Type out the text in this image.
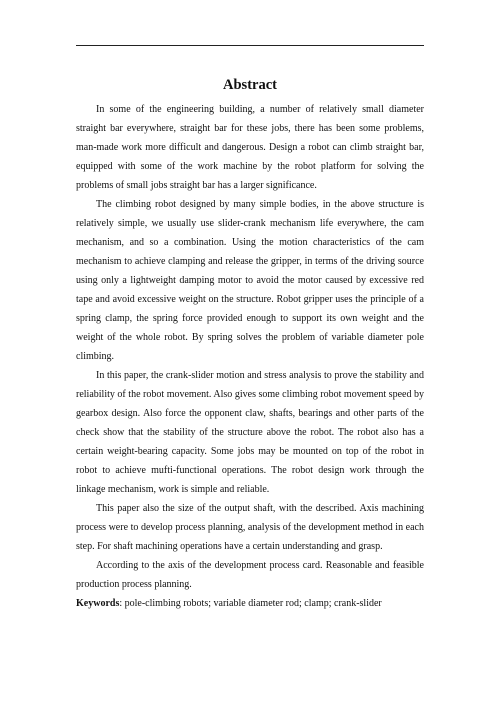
Abstract

In some of the engineering building, a number of relatively small diameter straight bar everywhere, straight bar for these jobs, there has been some problems, man-made work more difficult and dangerous. Design a robot can climb straight bar, equipped with some of the work machine by the robot platform for solving the problems of small jobs straight bar has a larger significance.

The climbing robot designed by many simple bodies, in the above structure is relatively simple, we usually use slider-crank mechanism life everywhere, the cam mechanism, and so a combination. Using the motion characteristics of the cam mechanism to achieve clamping and release the gripper, in terms of the driving source using only a lightweight damping motor to avoid the motor caused by excessive red tape and avoid excessive weight on the structure. Robot gripper uses the principle of a spring clamp, the spring force provided enough to support its own weight and the weight of the whole robot. By spring solves the problem of variable diameter pole climbing.

In this paper, the crank-slider motion and stress analysis to prove the stability and reliability of the robot movement. Also gives some climbing robot movement speed by gearbox design. Also force the opponent claw, shafts, bearings and other parts of the check show that the stability of the structure above the robot. The robot also has a certain weight-bearing capacity. Some jobs may be mounted on top of the robot in robot to achieve mufti-functional operations. The robot design work through the linkage mechanism, work is simple and reliable.

This paper also the size of the output shaft, with the described. Axis machining process were to develop process planning, analysis of the development method in each step. For shaft machining operations have a certain understanding and grasp.

According to the axis of the development process card. Reasonable and feasible production process planning.

Keywords: pole-climbing robots; variable diameter rod; clamp; crank-slider
